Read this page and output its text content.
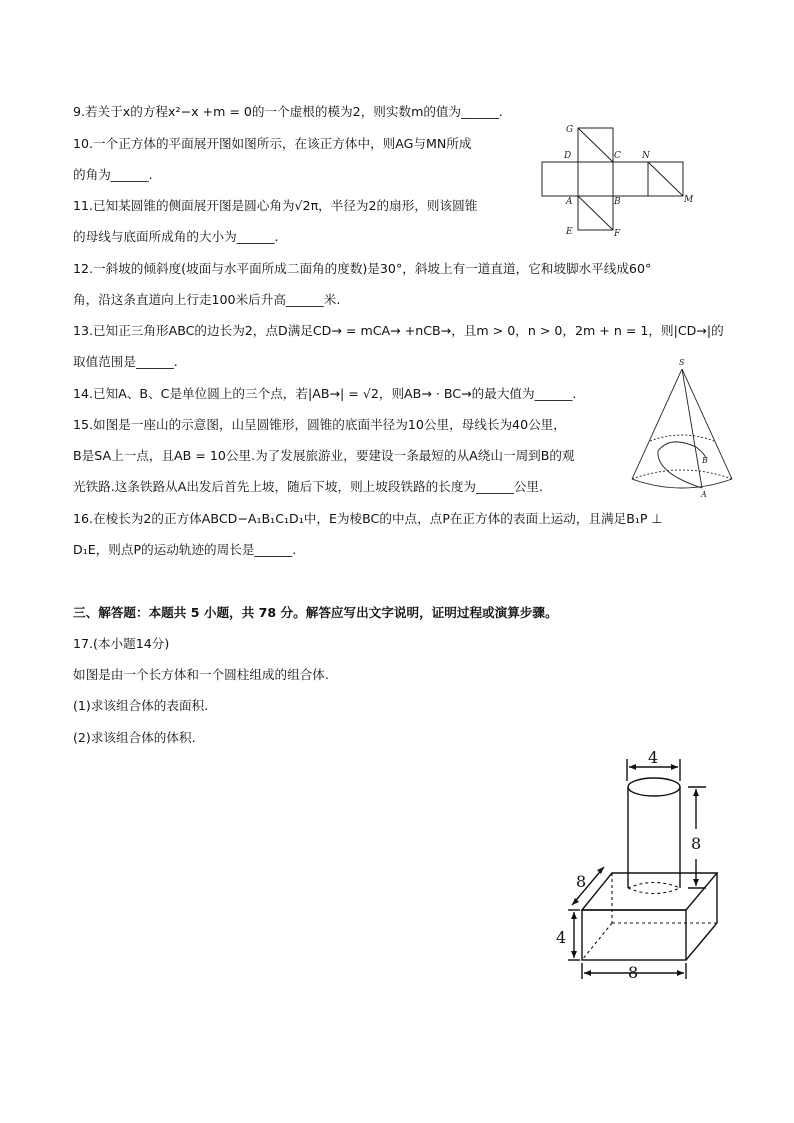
9.若关于x的方程x²−x +m = 0的一个虚根的模为2，则实数m的值为______.
10.一个正方体的平面展开图如图所示，在该正方体中，则AG与MN所成
的角为______.
11.已知某圆锥的侧面展开图是圆心角为√2π，半径为2的扇形，则该圆锥
的母线与底面所成角的大小为______.
12.一斜坡的倾斜度(坡面与水平面所成二面角的度数)是30°，斜坡上有一道直道，它和坡脚水平线成60°
角，沿这条直道向上行走100米后升高______米.
13.已知正三角形ABC的边长为2，点D满足CD→ = mCA→ +nCB→，且m > 0，n > 0，2m + n = 1，则|CD→|的
取值范围是______.
14.已知A、B、C是单位圆上的三个点，若|AB→| = √2，则AB→ · BC→的最大值为______.
15.如图是一座山的示意图，山呈圆锥形，圆锥的底面半径为10公里，母线长为40公里，
B是SA上一点，且AB = 10公里.为了发展旅游业，要建设一条最短的从A绕山一周到B的观
光铁路.这条铁路从A出发后首先上坡，随后下坡，则上坡段铁路的长度为______公里.
16.在棱长为2的正方体ABCD−A₁B₁C₁D₁中，E为棱BC的中点，点P在正方体的表面上运动，且满足B₁P ⊥
D₁E，则点P的运动轨迹的周长是______.
三、解答题：本题共 5 小题，共 78 分。解答应写出文字说明，证明过程或演算步骤。
17.(本小题14分)
如图是由一个长方体和一个圆柱组成的组合体.
(1)求该组合体的表面积.
(2)求该组合体的体积.
G
D	C N
M
A	B
E	F
S
B
A
4
8
8
4
8
